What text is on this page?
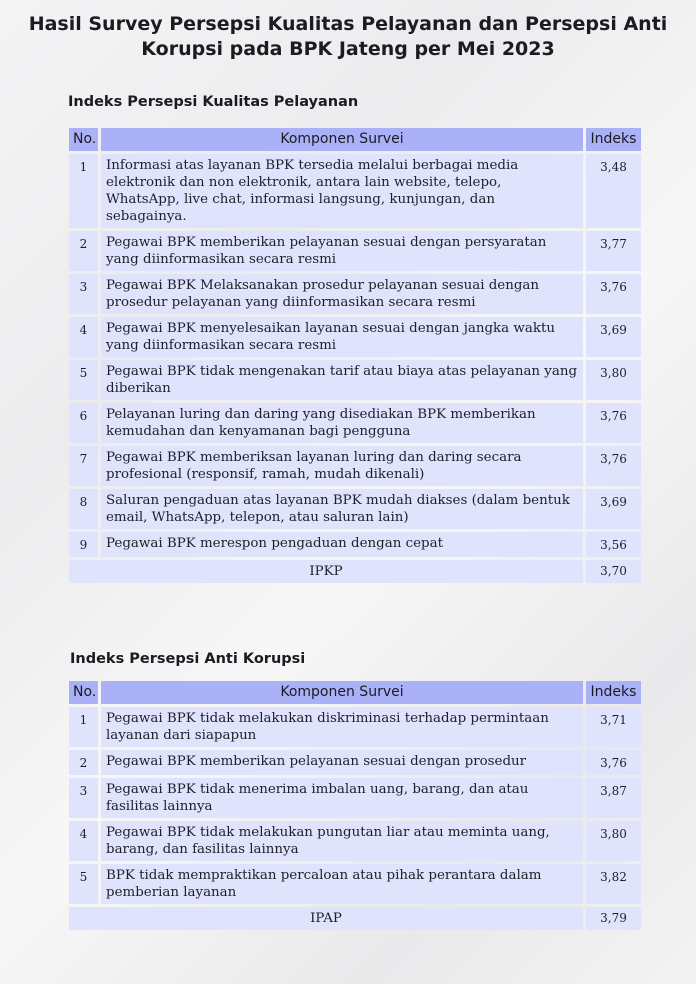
Hasil Survey Persepsi Kualitas Pelayanan dan Persepsi Anti Korupsi pada BPK Jateng per Mei 2023
Indeks Persepsi Kualitas Pelayanan
No.	Komponen Survei	Indeks
1	Informasi atas layanan BPK tersedia melalui berbagai media elektronik dan non elektronik, antara lain website, telepo, WhatsApp, live chat, informasi langsung, kunjungan, dan sebagainya.	3,48
2	Pegawai BPK memberikan pelayanan sesuai dengan persyaratan yang diinformasikan secara resmi	3,77
3	Pegawai BPK Melaksanakan prosedur pelayanan sesuai dengan prosedur pelayanan yang diinformasikan secara resmi	3,76
4	Pegawai BPK menyelesaikan layanan sesuai dengan jangka waktu yang diinformasikan secara resmi	3,69
5	Pegawai BPK tidak mengenakan tarif atau biaya atas pelayanan yang diberikan	3,80
6	Pelayanan luring dan daring yang disediakan BPK memberikan kemudahan dan kenyamanan bagi pengguna	3,76
7	Pegawai BPK memberiksan layanan luring dan daring secara profesional (responsif, ramah, mudah dikenali)	3,76
8	Saluran pengaduan atas layanan BPK mudah diakses (dalam bentuk email, WhatsApp, telepon, atau saluran lain)	3,69
9	Pegawai BPK merespon pengaduan dengan cepat	3,56
IPKP		3,70
Indeks Persepsi Anti Korupsi
No.	Komponen Survei	Indeks
1	Pegawai BPK tidak melakukan diskriminasi terhadap permintaan layanan dari siapapun	3,71
2	Pegawai BPK memberikan pelayanan sesuai dengan prosedur	3,76
3	Pegawai BPK tidak menerima imbalan uang, barang, dan atau fasilitas lainnya	3,87
4	Pegawai BPK tidak melakukan pungutan liar atau meminta uang, barang, dan fasilitas lainnya	3,80
5	BPK tidak mempraktikan percaloan atau pihak perantara dalam pemberian layanan	3,82
IPAP		3,79
